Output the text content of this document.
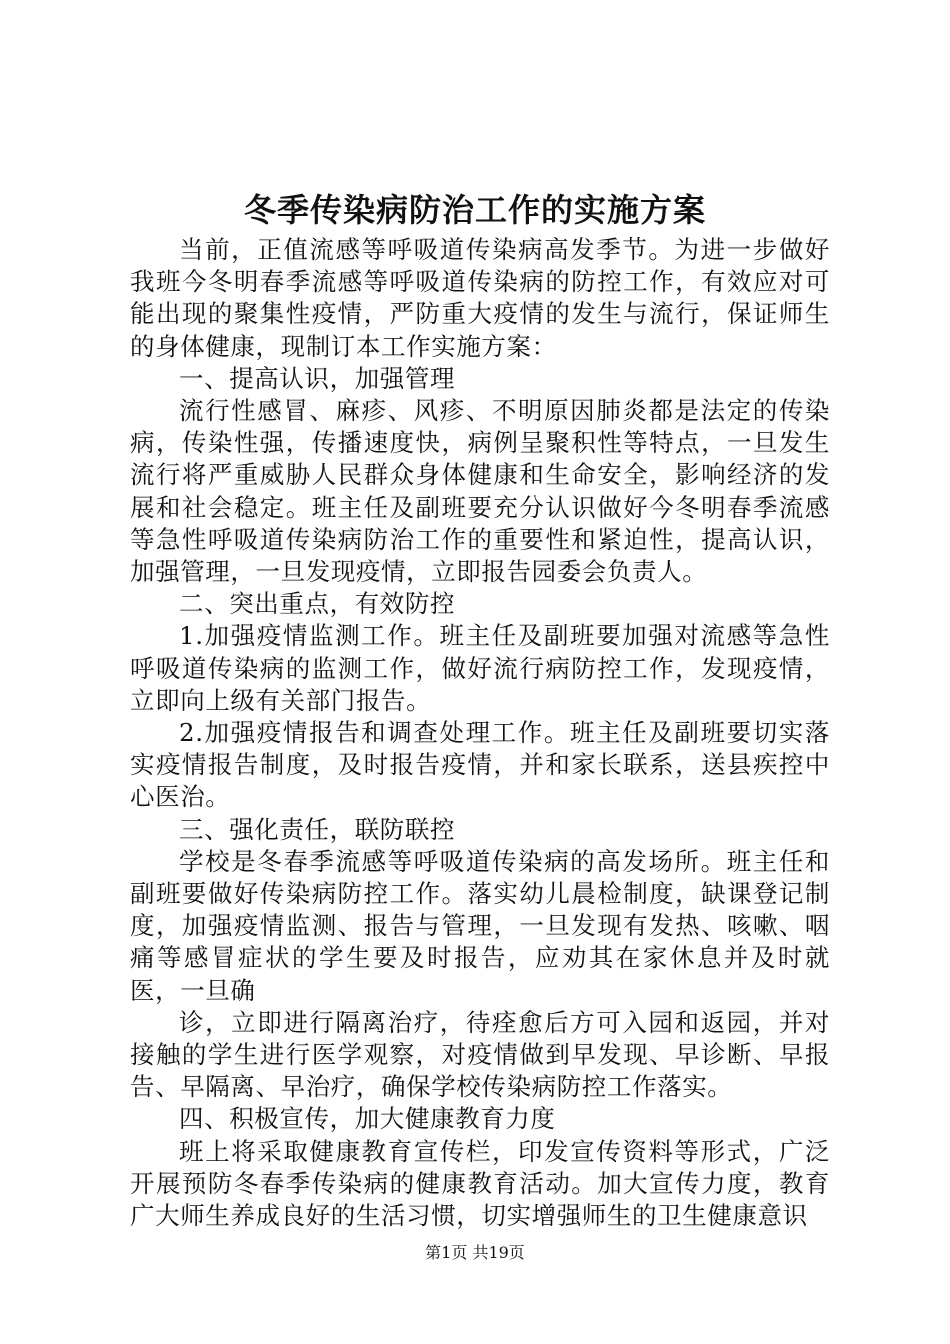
冬季传染病防治工作的实施方案

当前，正值流感等呼吸道传染病高发季节。为进一步做好我班今冬明春季流感等呼吸道传染病的防控工作，有效应对可能出现的聚集性疫情，严防重大疫情的发生与流行，保证师生的身体健康，现制订本工作实施方案：

一、提高认识，加强管理

流行性感冒、麻疹、风疹、不明原因肺炎都是法定的传染病，传染性强，传播速度快，病例呈聚积性等特点，一旦发生流行将严重威胁人民群众身体健康和生命安全，影响经济的发展和社会稳定。班主任及副班要充分认识做好今冬明春季流感等急性呼吸道传染病防治工作的重要性和紧迫性，提高认识，加强管理，一旦发现疫情，立即报告园委会负责人。

二、突出重点，有效防控

1.加强疫情监测工作。班主任及副班要加强对流感等急性呼吸道传染病的监测工作，做好流行病防控工作，发现疫情，立即向上级有关部门报告。

2.加强疫情报告和调查处理工作。班主任及副班要切实落实疫情报告制度，及时报告疫情，并和家长联系，送县疾控中心医治。

三、强化责任，联防联控

学校是冬春季流感等呼吸道传染病的高发场所。班主任和副班要做好传染病防控工作。落实幼儿晨检制度，缺课登记制度，加强疫情监测、报告与管理，一旦发现有发热、咳嗽、咽痛等感冒症状的学生要及时报告，应劝其在家休息并及时就医，一旦确

诊，立即进行隔离治疗，待痊愈后方可入园和返园，并对接触的学生进行医学观察，对疫情做到早发现、早诊断、早报告、早隔离、早治疗，确保学校传染病防控工作落实。

四、积极宣传，加大健康教育力度

班上将采取健康教育宣传栏，印发宣传资料等形式，广泛开展预防冬春季传染病的健康教育活动。加大宣传力度，教育广大师生养成良好的生活习惯，切实增强师生的卫生健康意识

第1页 共19页
